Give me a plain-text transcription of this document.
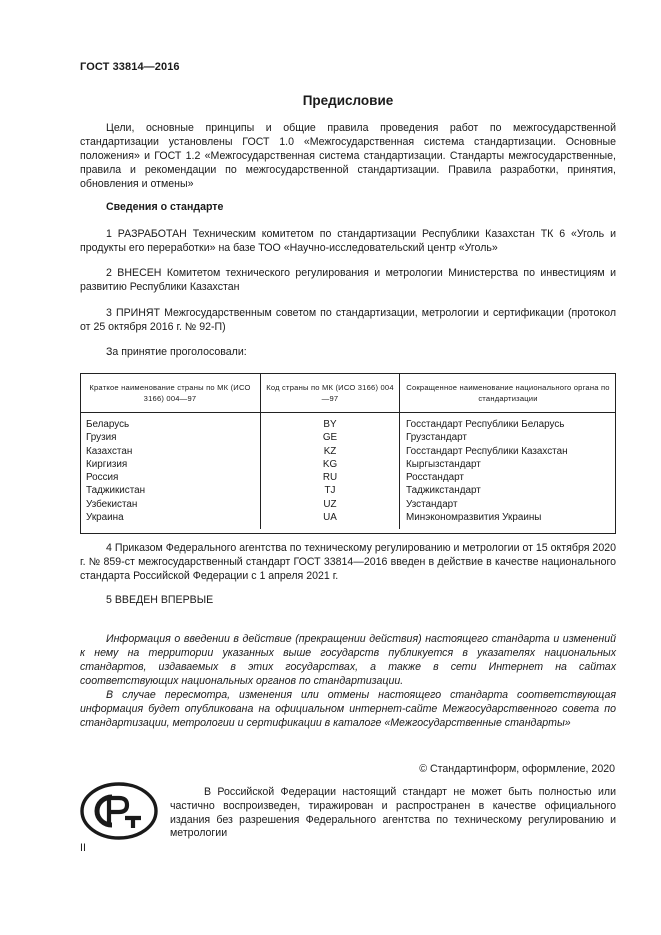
ГОСТ 33814—2016
Предисловие
Цели, основные принципы и общие правила проведения работ по межгосударственной стандартизации установлены ГОСТ 1.0 «Межгосударственная система стандартизации. Основные положения» и ГОСТ 1.2 «Межгосударственная система стандартизации. Стандарты межгосударственные, правила и рекомендации по межгосударственной стандартизации. Правила разработки, принятия, обновления и отмены»
Сведения о стандарте
1 РАЗРАБОТАН Техническим комитетом по стандартизации Республики Казахстан ТК 6 «Уголь и продукты его переработки» на базе ТОО «Научно-исследовательский центр «Уголь»
2 ВНЕСЕН Комитетом технического регулирования и метрологии Министерства по инвестициям и развитию Республики Казахстан
3 ПРИНЯТ Межгосударственным советом по стандартизации, метрологии и сертификации (протокол от 25 октября 2016 г. № 92-П)
За принятие проголосовали:
Краткое наименование страны по МК (ИСО 3166) 004—97	Код страны по МК (ИСО 3166) 004—97	Сокращенное наименование национального органа по стандартизации
Беларусь	BY	Госстандарт Республики Беларусь
Грузия	GE	Грузстандарт
Казахстан	KZ	Госстандарт Республики Казахстан
Киргизия	KG	Кыргызстандарт
Россия	RU	Росстандарт
Таджикистан	TJ	Таджикстандарт
Узбекистан	UZ	Узстандарт
Украина	UA	Минэкономразвития Украины
4 Приказом Федерального агентства по техническому регулированию и метрологии от 15 октября 2020 г. № 859-ст межгосударственный стандарт ГОСТ 33814—2016 введен в действие в качестве национального стандарта Российской Федерации с 1 апреля 2021 г.
5 ВВЕДЕН ВПЕРВЫЕ
Информация о введении в действие (прекращении действия) настоящего стандарта и изменений к нему на территории указанных выше государств публикуется в указателях национальных стандартов, издаваемых в этих государствах, а также в сети Интернет на сайтах соответствующих национальных органов по стандартизации.
В случае пересмотра, изменения или отмены настоящего стандарта соответствующая информация будет опубликована на официальном интернет-сайте Межгосударственного совета по стандартизации, метрологии и сертификации в каталоге «Межгосударственные стандарты»
© Стандартинформ, оформление, 2020
В Российской Федерации настоящий стандарт не может быть полностью или частично воспроизведен, тиражирован и распространен в качестве официального издания без разрешения Федерального агентства по техническому регулированию и метрологии
II
